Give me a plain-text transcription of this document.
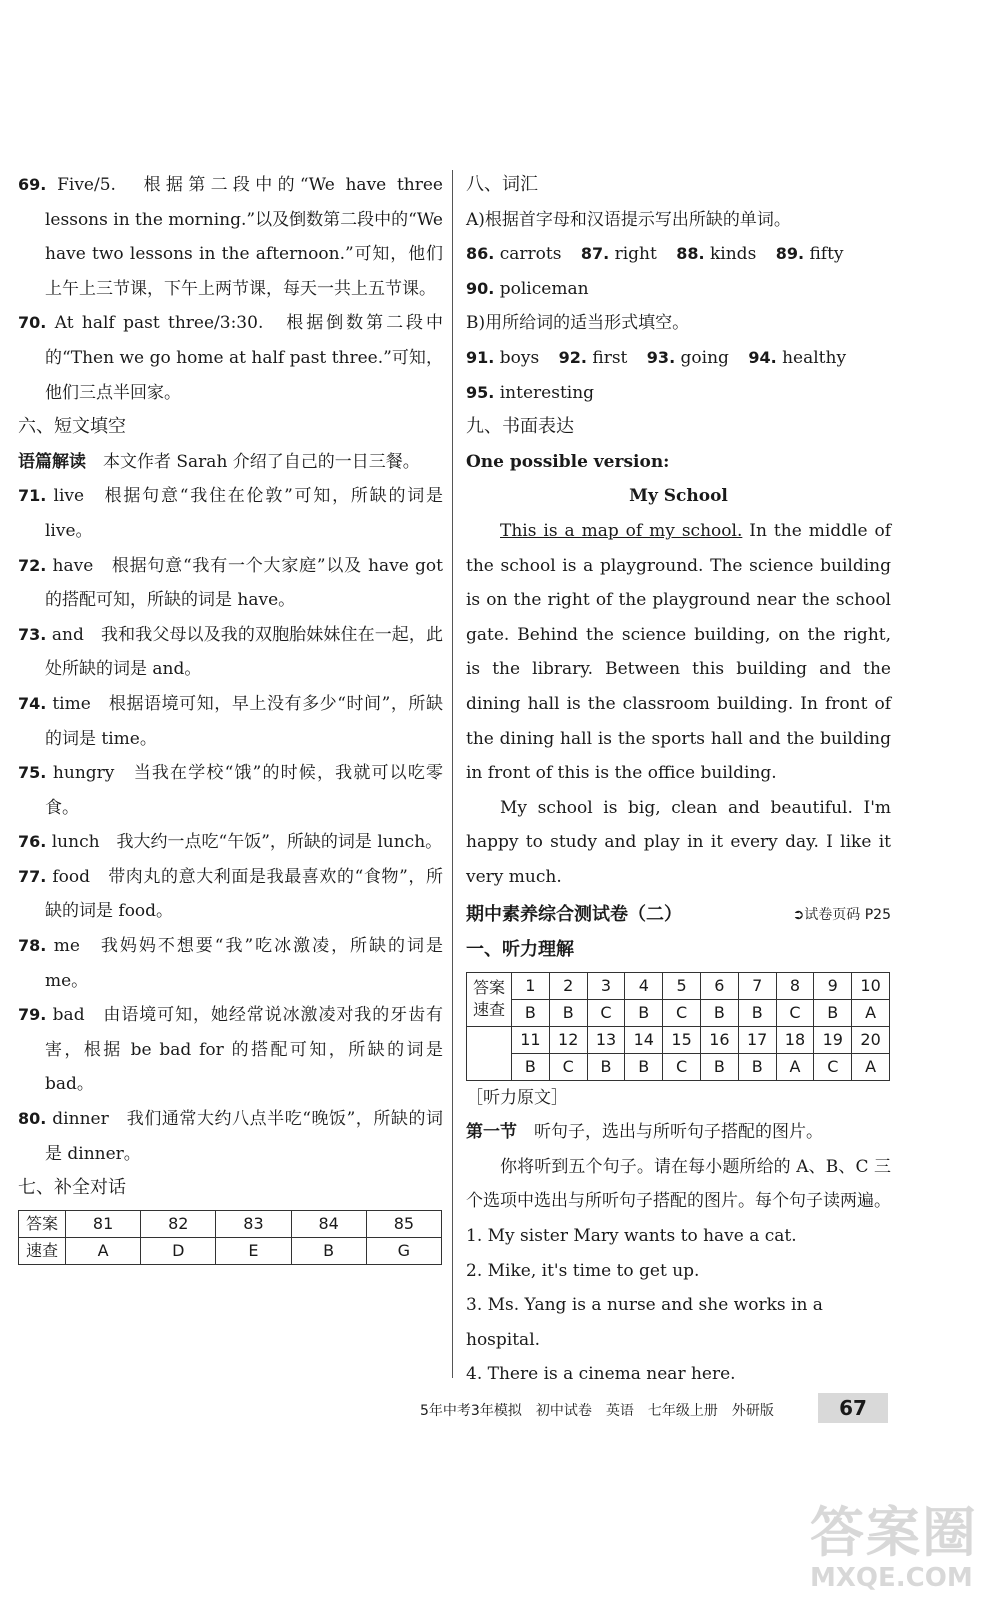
69. Five/5.　根据第二段中的“We have three lessons in the morning.”以及倒数第二段中的“We have two lessons in the afternoon.”可知，他们上午上三节课，下午上两节课，每天一共上五节课。

70. At half past three/3:30.　根据倒数第二段中的“Then we go home at half past three.”可知，他们三点半回家。

六、短文填空

语篇解读　 本文作者 Sarah 介绍了自己的一日三餐。

71. live　根据句意“我住在伦敦”可知，所缺的词是 live。

72. have　根据句意“我有一个大家庭”以及 have got 的搭配可知，所缺的词是 have。

73. and　我和我父母以及我的双胞胎妹妹住在一起，此处所缺的词是 and。

74. time　根据语境可知，早上没有多少“时间”，所缺的词是 time。

75. hungry　当我在学校“饿”的时候，我就可以吃零食。

76. lunch　我大约一点吃“午饭”，所缺的词是 lunch。

77. food　带肉丸的意大利面是我最喜欢的“食物”，所缺的词是 food。

78. me　我妈妈不想要“我”吃冰激凌，所缺的词是 me。

79. bad　由语境可知，她经常说冰激凌对我的牙齿有害，根据 be bad for 的搭配可知，所缺的词是 bad。

80. dinner　我们通常大约八点半吃“晚饭”，所缺的词是 dinner。

七、补全对话

答案	81	82	83	84	85
速查	A	D	E	B	G

八、词汇

A)根据首字母和汉语提示写出所缺的单词。

86. carrots 87. right 88. kinds 89. fifty

90. policeman

B)用所给词的适当形式填空。

91. boys 92. first 93. going 94. healthy

95. interesting

九、书面表达

One possible version:

My School

This is a map of my school. In the middle of the school is a playground. The science building is on the right of the playground near the school gate. Behind the science building, on the right, is the library. Between this building and the dining hall is the classroom building. In front of the dining hall is the sports hall and the building in front of this is the office building.

My school is big, clean and beautiful. I'm happy to study and play in it every day. I like it very much.

期中素养综合测试卷（二）	➲试卷页码 P25

一、听力理解

答案
速查	1	2	3	4	5	6	7	8	9	10
	B	B	C	B	C	B	B	C	B	A
	11	12	13	14	15	16	17	18	19	20
	B	C	B	B	C	B	B	A	C	A

［听力原文］

第一节　 听句子，选出与所听句子搭配的图片。

你将听到五个句子。请在每小题所给的 A、B、C 三个选项中选出与所听句子搭配的图片。每个句子读两遍。

1. My sister Mary wants to have a cat.

2. Mike, it's time to get up.

3. Ms. Yang is a nurse and she works in a hospital.

4. There is a cinema near here.

5年中考3年模拟　初中试卷　英语　七年级上册　外研版	67
答案圈
MXQE.COM
